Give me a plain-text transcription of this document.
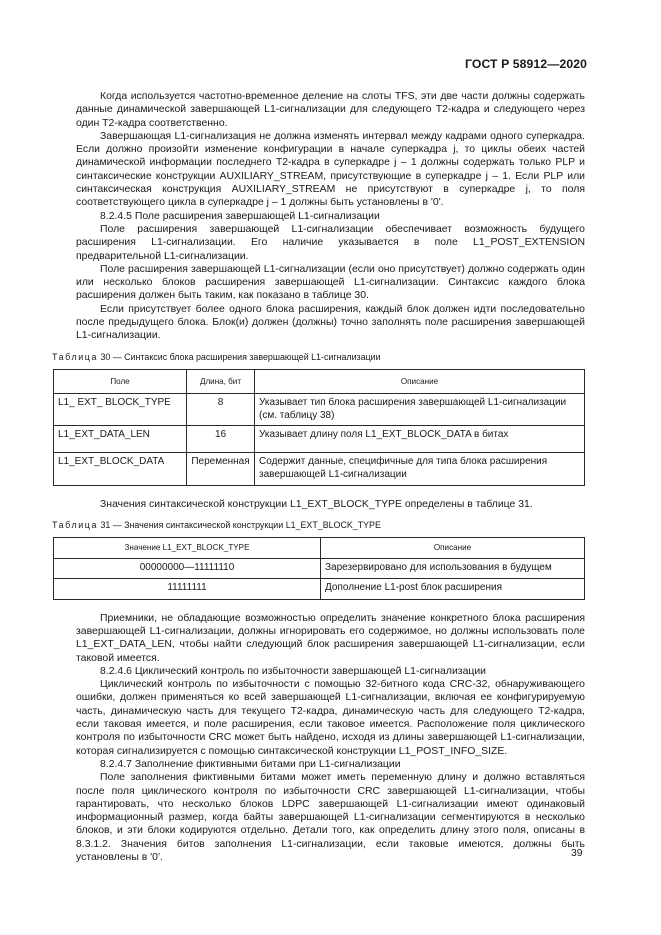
ГОСТ Р 58912—2020

Когда используется частотно-временное деление на слоты TFS, эти две части должны содержать данные динамической завершающей L1-сигнализации для следующего T2-кадра и следующего через один T2-кадра соответственно.

Завершающая L1-сигнализация не должна изменять интервал между кадрами одного суперкадра. Если должно произойти изменение конфигурации в начале суперкадра j, то циклы обеих частей динамической информации последнего T2-кадра в суперкадре j – 1 должны содержать только PLP и синтаксические конструкции AUXILIARY_STREAM, присутствующие в суперкадре j – 1. Если PLP или синтаксическая конструкция AUXILIARY_STREAM не присутствуют в суперкадре j, то поля соответствующего цикла в суперкадре j – 1 должны быть установлены в '0'.

8.2.4.5 Поле расширения завершающей L1-сигнализации

Поле расширения завершающей L1-сигнализации обеспечивает возможность будущего расширения L1-сигнализации. Его наличие указывается в поле L1_POST_EXTENSION предварительной L1-сигнализации.

Поле расширения завершающей L1-сигнализации (если оно присутствует) должно содержать один или несколько блоков расширения завершающей L1-сигнализации. Синтаксис каждого блока расширения должен быть таким, как показано в таблице 30.

Если присутствует более одного блока расширения, каждый блок должен идти последовательно после предыдущего блока. Блок(и) должен (должны) точно заполнять поле расширения завершающей L1-сигнализации.

Таблица 30 — Синтаксис блока расширения завершающей L1-сигнализации

Поле	Длина, бит	Описание
L1_ EXT_ BLOCK_TYPE	8	Указывает тип блока расширения завершающей L1-сигнализации (см. таблицу 38)
L1_EXT_DATA_LEN	16	Указывает длину поля L1_EXT_BLOCK_DATA в битах
L1_EXT_BLOCK_DATA	Переменная	Содержит данные, специфичные для типа блока расширения завершающей L1-сигнализации

Значения синтаксической конструкции L1_EXT_BLOCK_TYPE определены в таблице 31.

Таблица 31 — Значения синтаксической конструкции L1_EXT_BLOCK_TYPE

Значение L1_EXT_BLOCK_TYPE	Описание
00000000—11111110	Зарезервировано для использования в будущем
11111111	Дополнение L1-post блок расширения

Приемники, не обладающие возможностью определить значение конкретного блока расширения завершающей L1-сигнализации, должны игнорировать его содержимое, но должны использовать поле L1_EXT_DATA_LEN, чтобы найти следующий блок расширения завершающей L1-сигнализации, если таковой имеется.

8.2.4.6 Циклический контроль по избыточности завершающей L1-сигнализации

Циклический контроль по избыточности с помощью 32-битного кода CRC-32, обнаруживающего ошибки, должен применяться ко всей завершающей L1-сигнализации, включая ее конфигурируемую часть, динамическую часть для текущего T2-кадра, динамическую часть для следующего T2-кадра, если таковая имеется, и поле расширения, если таковое имеется. Расположение поля циклического контроля по избыточности CRC может быть найдено, исходя из длины завершающей L1-сигнализации, которая сигнализируется с помощью синтаксической конструкции L1_POST_INFO_SIZE.

8.2.4.7 Заполнение фиктивными битами при L1-сигнализации

Поле заполнения фиктивными битами может иметь переменную длину и должно вставляться после поля циклического контроля по избыточности CRC завершающей L1-сигнализации, чтобы гарантировать, что несколько блоков LDPC завершающей L1-сигнализации имеют одинаковый информационный размер, когда байты завершающей L1-сигнализации сегментируются в несколько блоков, и эти блоки кодируются отдельно. Детали того, как определить длину этого поля, описаны в 8.3.1.2. Значения битов заполнения L1-сигнализации, если таковые имеются, должны быть установлены в '0'.	39
